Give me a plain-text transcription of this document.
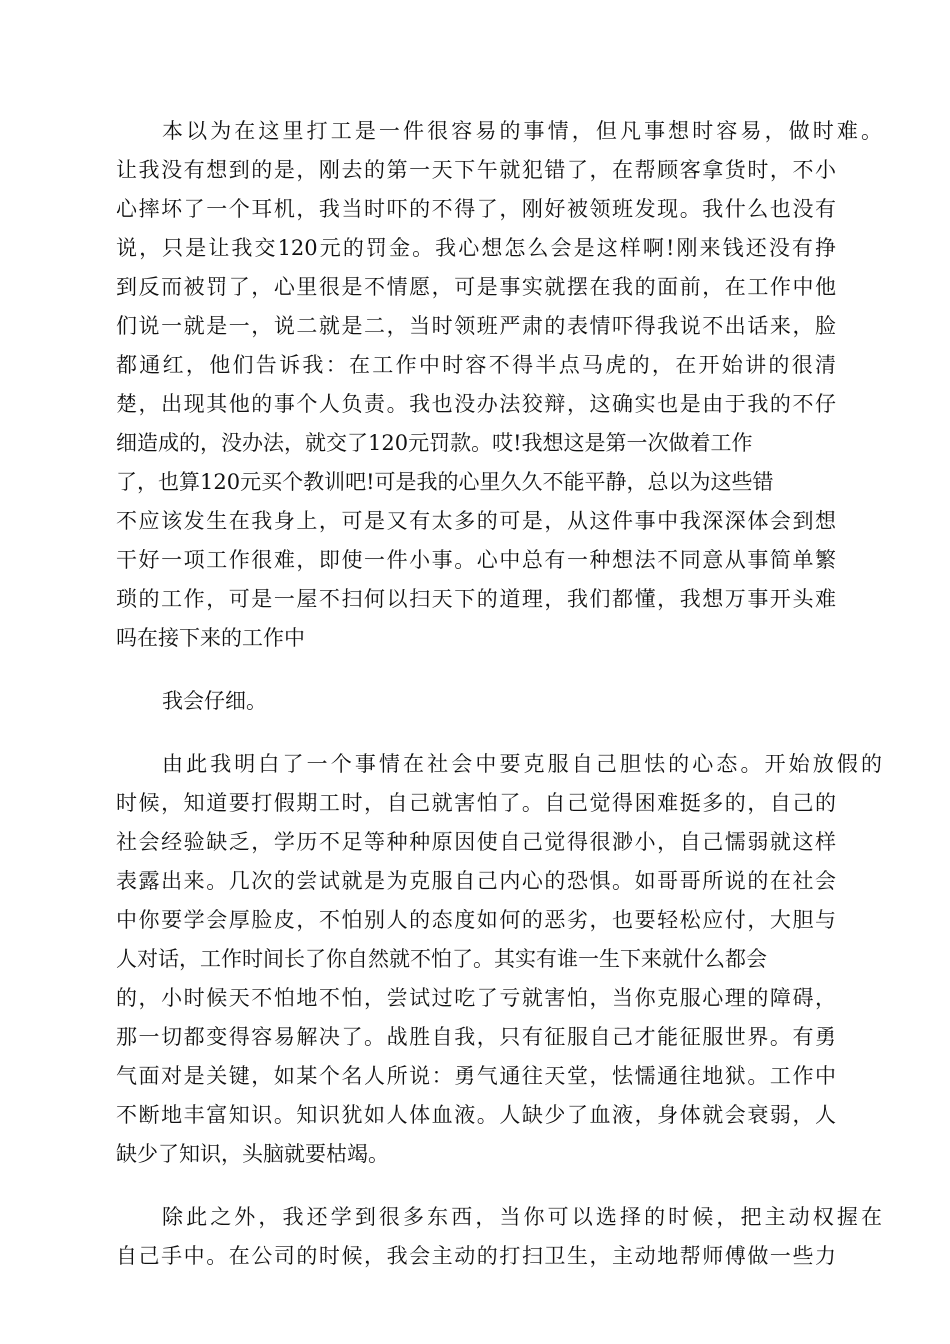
本以为在这里打工是一件很容易的事情，但凡事想时容易，做时难。
让我没有想到的是，刚去的第一天下午就犯错了，在帮顾客拿货时，不小
心摔坏了一个耳机，我当时吓的不得了，刚好被领班发现。我什么也没有
说，只是让我交120元的罚金。我心想怎么会是这样啊!刚来钱还没有挣
到反而被罚了，心里很是不情愿，可是事实就摆在我的面前，在工作中他
们说一就是一，说二就是二，当时领班严肃的表情吓得我说不出话来，脸
都通红，他们告诉我：在工作中时容不得半点马虎的，在开始讲的很清
楚，出现其他的事个人负责。我也没办法狡辩，这确实也是由于我的不仔
细造成的，没办法，就交了120元罚款。哎!我想这是第一次做着工作
了，也算120元买个教训吧!可是我的心里久久不能平静，总以为这些错
不应该发生在我身上，可是又有太多的可是，从这件事中我深深体会到想
干好一项工作很难，即使一件小事。心中总有一种想法不同意从事简单繁
琐的工作，可是一屋不扫何以扫天下的道理，我们都懂，我想万事开头难
吗在接下来的工作中
我会仔细。
由此我明白了一个事情在社会中要克服自己胆怯的心态。开始放假的
时候，知道要打假期工时，自己就害怕了。自己觉得困难挺多的，自己的
社会经验缺乏，学历不足等种种原因使自己觉得很渺小，自己懦弱就这样
表露出来。几次的尝试就是为克服自己内心的恐惧。如哥哥所说的在社会
中你要学会厚脸皮，不怕别人的态度如何的恶劣，也要轻松应付，大胆与
人对话，工作时间长了你自然就不怕了。其实有谁一生下来就什么都会
的，小时候天不怕地不怕，尝试过吃了亏就害怕，当你克服心理的障碍，
那一切都变得容易解决了。战胜自我，只有征服自己才能征服世界。有勇
气面对是关键，如某个名人所说：勇气通往天堂，怯懦通往地狱。工作中
不断地丰富知识。知识犹如人体血液。人缺少了血液，身体就会衰弱，人
缺少了知识，头脑就要枯竭。
除此之外，我还学到很多东西，当你可以选择的时候，把主动权握在
自己手中。在公司的时候，我会主动的打扫卫生，主动地帮师傅做一些力
